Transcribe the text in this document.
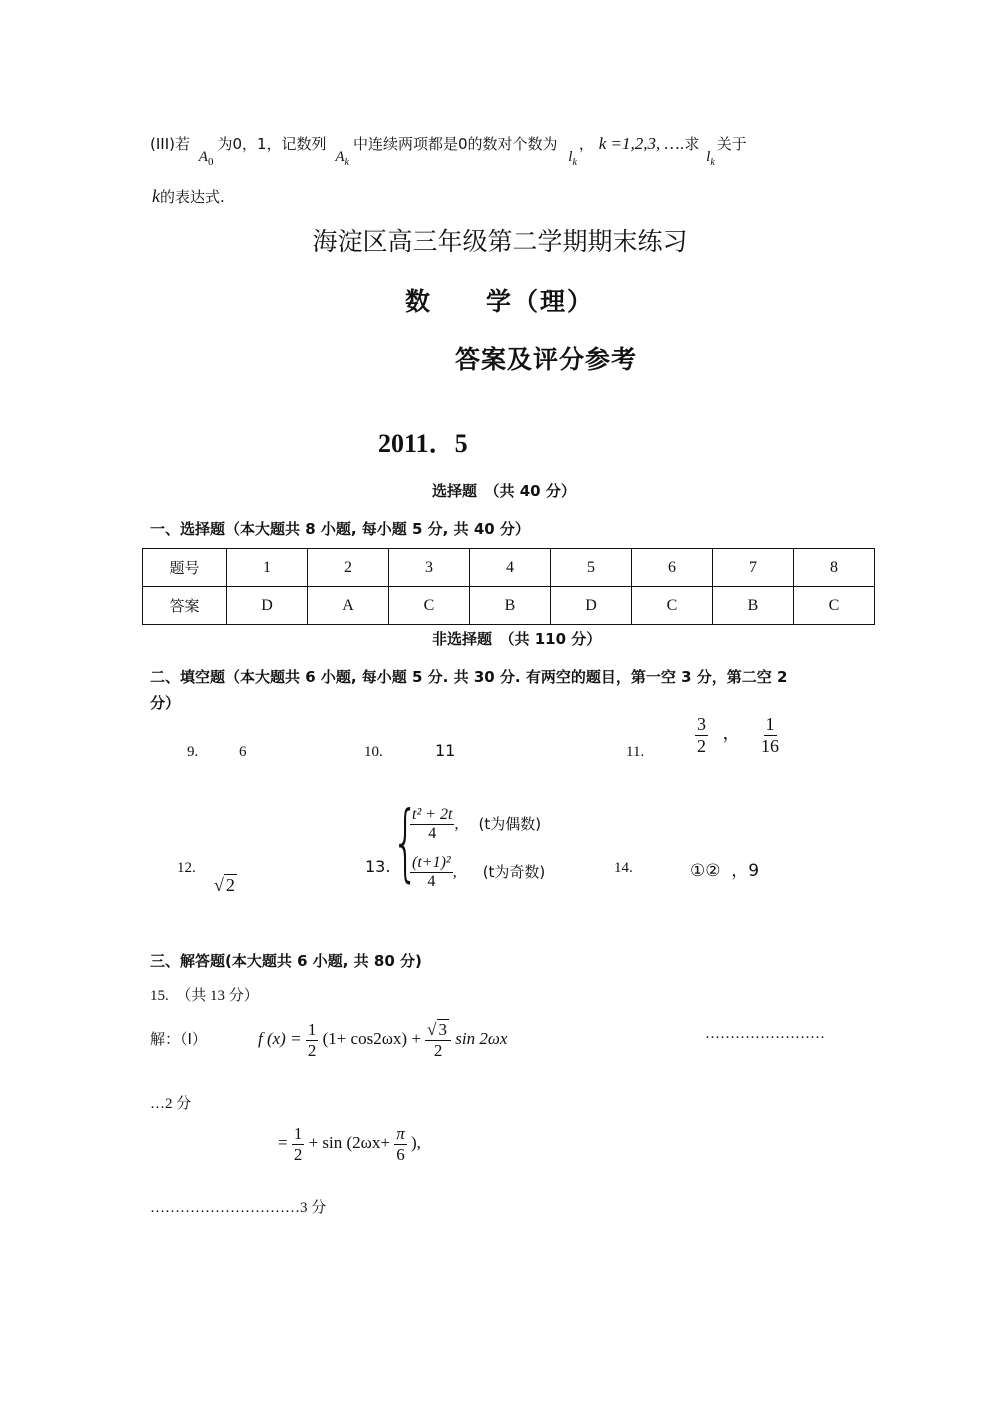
(III)若 $A_0$为0，1，记数列 $A_k$中连续两项都是0的数对个数为 $l_k$， k =1,2,3, ….求 $l_k$关于
k的表达式.
海淀区高三年级第二学期期末练习
数　　学（理）
答案及评分参考
2011．5
选择题　（共 40 分）
一、选择题（本大题共 8 小题, 每小题 5 分, 共 40 分）
题号	1	2	3	4	5	6	7	8
答案	D	A	C	B	D	C	B	C
非选择题　（共 110 分）
二、填空题（本大题共 6 小题, 每小题 5 分. 共 30 分. 有两空的题目，第一空 3 分，第二空 2
分）
9.	6	10.	11	11.	$\frac{3}{2}$ ， $\frac{1}{16}$
12.
√ 2
13. {
$\frac{\text{t² + 2t}}{4}$ , (t为偶数)
$\frac{\text{(t+1)²}}{4}$ , (t为奇数)	14.	①②  ，9
三、解答题(本大题共 6 小题, 共 80 分)
15.  （共 13 分）
解：（Ⅰ）	f $(x) = \frac{1}{2} (1+ \cos 2\omega x) + \frac{√ 3}{2}$ sin 2ωx	……………………
…2 分
= $\frac{1}{2} + \sin (2\omega x+ \frac{\pi}{6}$ ),
…………………………3 分
